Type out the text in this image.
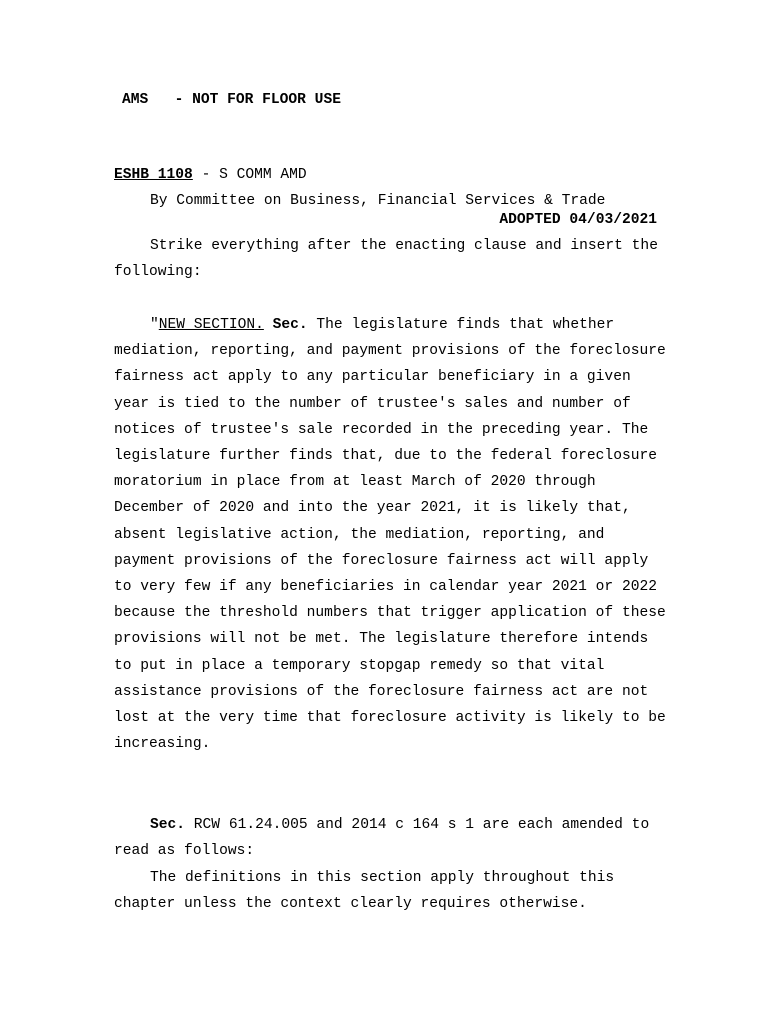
AMS - NOT FOR FLOOR USE
ESHB 1108 - S COMM AMD
By Committee on Business, Financial Services & Trade
ADOPTED 04/03/2021

Strike everything after the enacting clause and insert the following:

"NEW SECTION. Sec. The legislature finds that whether mediation, reporting, and payment provisions of the foreclosure fairness act apply to any particular beneficiary in a given year is tied to the number of trustee's sales and number of notices of trustee's sale recorded in the preceding year. The legislature further finds that, due to the federal foreclosure moratorium in place from at least March of 2020 through December of 2020 and into the year 2021, it is likely that, absent legislative action, the mediation, reporting, and payment provisions of the foreclosure fairness act will apply to very few if any beneficiaries in calendar year 2021 or 2022 because the threshold numbers that trigger application of these provisions will not be met. The legislature therefore intends to put in place a temporary stopgap remedy so that vital assistance provisions of the foreclosure fairness act are not lost at the very time that foreclosure activity is likely to be increasing.

Sec. RCW 61.24.005 and 2014 c 164 s 1 are each amended to read as follows:

The definitions in this section apply throughout this chapter unless the context clearly requires otherwise.
